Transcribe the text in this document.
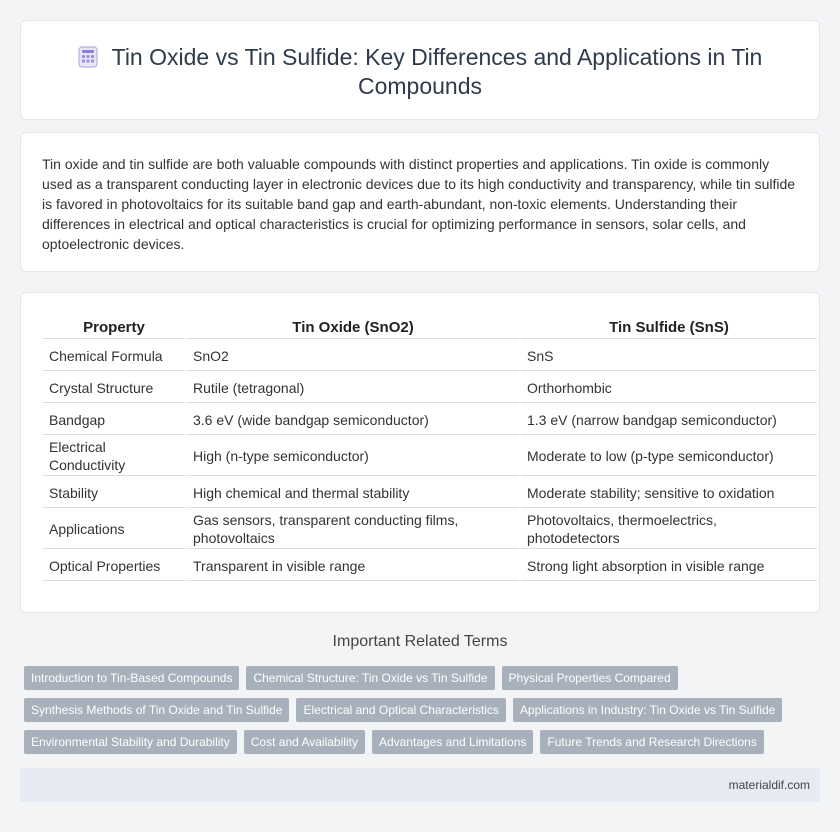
Tin Oxide vs Tin Sulfide: Key Differences and Applications in Tin Compounds

Tin oxide and tin sulfide are both valuable compounds with distinct properties and applications. Tin oxide is commonly used as a transparent conducting layer in electronic devices due to its high conductivity and transparency, while tin sulfide is favored in photovoltaics for its suitable band gap and earth-abundant, non-toxic elements. Understanding their differences in electrical and optical characteristics is crucial for optimizing performance in sensors, solar cells, and optoelectronic devices.

Property	Tin Oxide (SnO2)	Tin Sulfide (SnS)
Chemical Formula	SnO2	SnS
Crystal Structure	Rutile (tetragonal)	Orthorhombic
Bandgap	3.6 eV (wide bandgap semiconductor)	1.3 eV (narrow bandgap semiconductor)
Electrical Conductivity	High (n-type semiconductor)	Moderate to low (p-type semiconductor)
Stability	High chemical and thermal stability	Moderate stability; sensitive to oxidation
Applications	Gas sensors, transparent conducting films, photovoltaics	Photovoltaics, thermoelectrics, photodetectors
Optical Properties	Transparent in visible range	Strong light absorption in visible range
Important Related Terms
Introduction to Tin-Based Compounds	Chemical Structure: Tin Oxide vs Tin Sulfide	Physical Properties Compared
Synthesis Methods of Tin Oxide and Tin Sulfide	Electrical and Optical Characteristics	Applications in Industry: Tin Oxide vs Tin Sulfide
Environmental Stability and Durability	Cost and Availability	Advantages and Limitations	Future Trends and Research Directions
materialdif.com
